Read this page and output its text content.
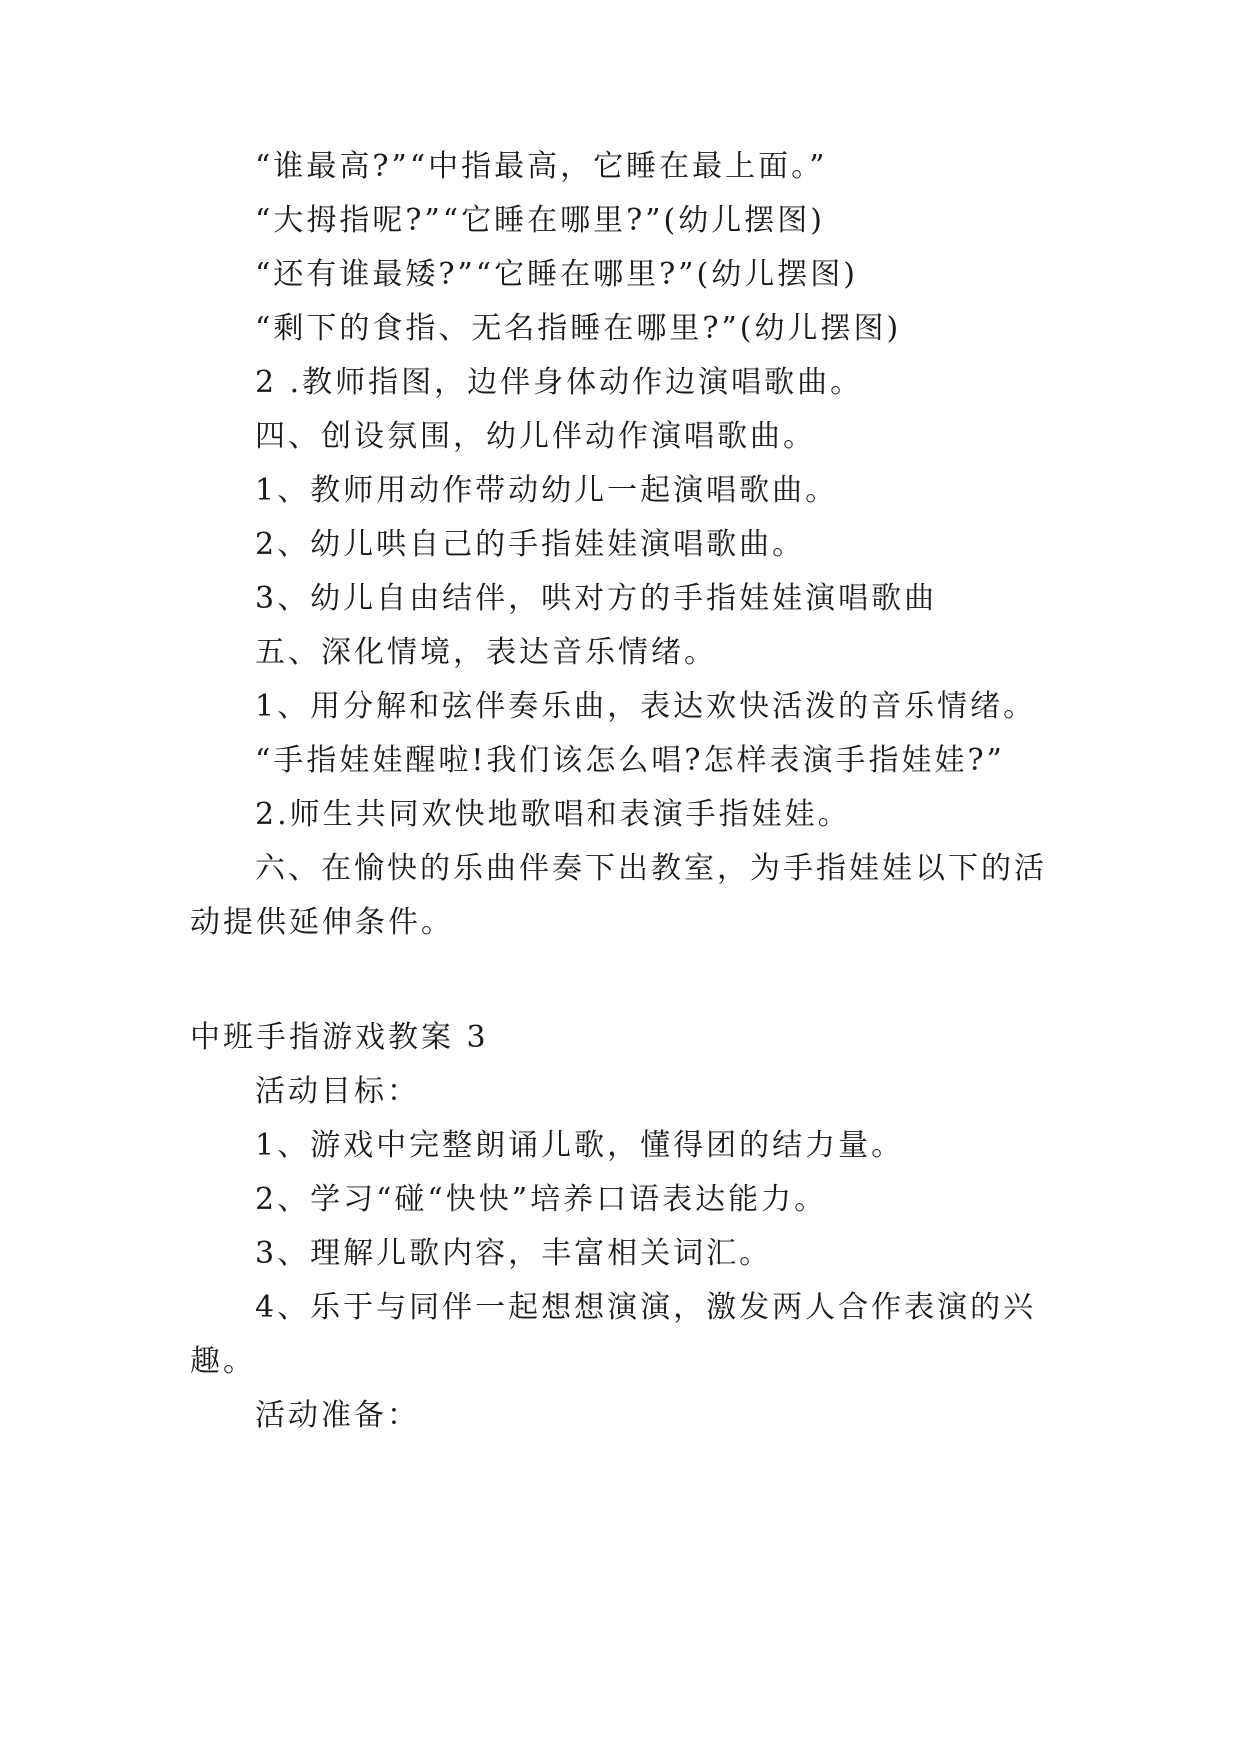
“谁最高?”“中指最高，它睡在最上面。”
“大拇指呢?”“它睡在哪里?”(幼儿摆图)
“还有谁最矮?”“它睡在哪里?”(幼儿摆图)
“剩下的食指、无名指睡在哪里?”(幼儿摆图)
2 .教师指图，边伴身体动作边演唱歌曲。
四、创设氛围，幼儿伴动作演唱歌曲。
1、教师用动作带动幼儿一起演唱歌曲。
2、幼儿哄自己的手指娃娃演唱歌曲。
3、幼儿自由结伴，哄对方的手指娃娃演唱歌曲
五、深化情境，表达音乐情绪。
1、用分解和弦伴奏乐曲，表达欢快活泼的音乐情绪。
“手指娃娃醒啦!我们该怎么唱?怎样表演手指娃娃?”
2.师生共同欢快地歌唱和表演手指娃娃。
六、在愉快的乐曲伴奏下出教室，为手指娃娃以下的活
动提供延伸条件。
中班手指游戏教案 3
活动目标：
1、游戏中完整朗诵儿歌，懂得团的结力量。
2、学习“碰“快快”培养口语表达能力。
3、理解儿歌内容，丰富相关词汇。
4、乐于与同伴一起想想演演，激发两人合作表演的兴
趣。
活动准备：
